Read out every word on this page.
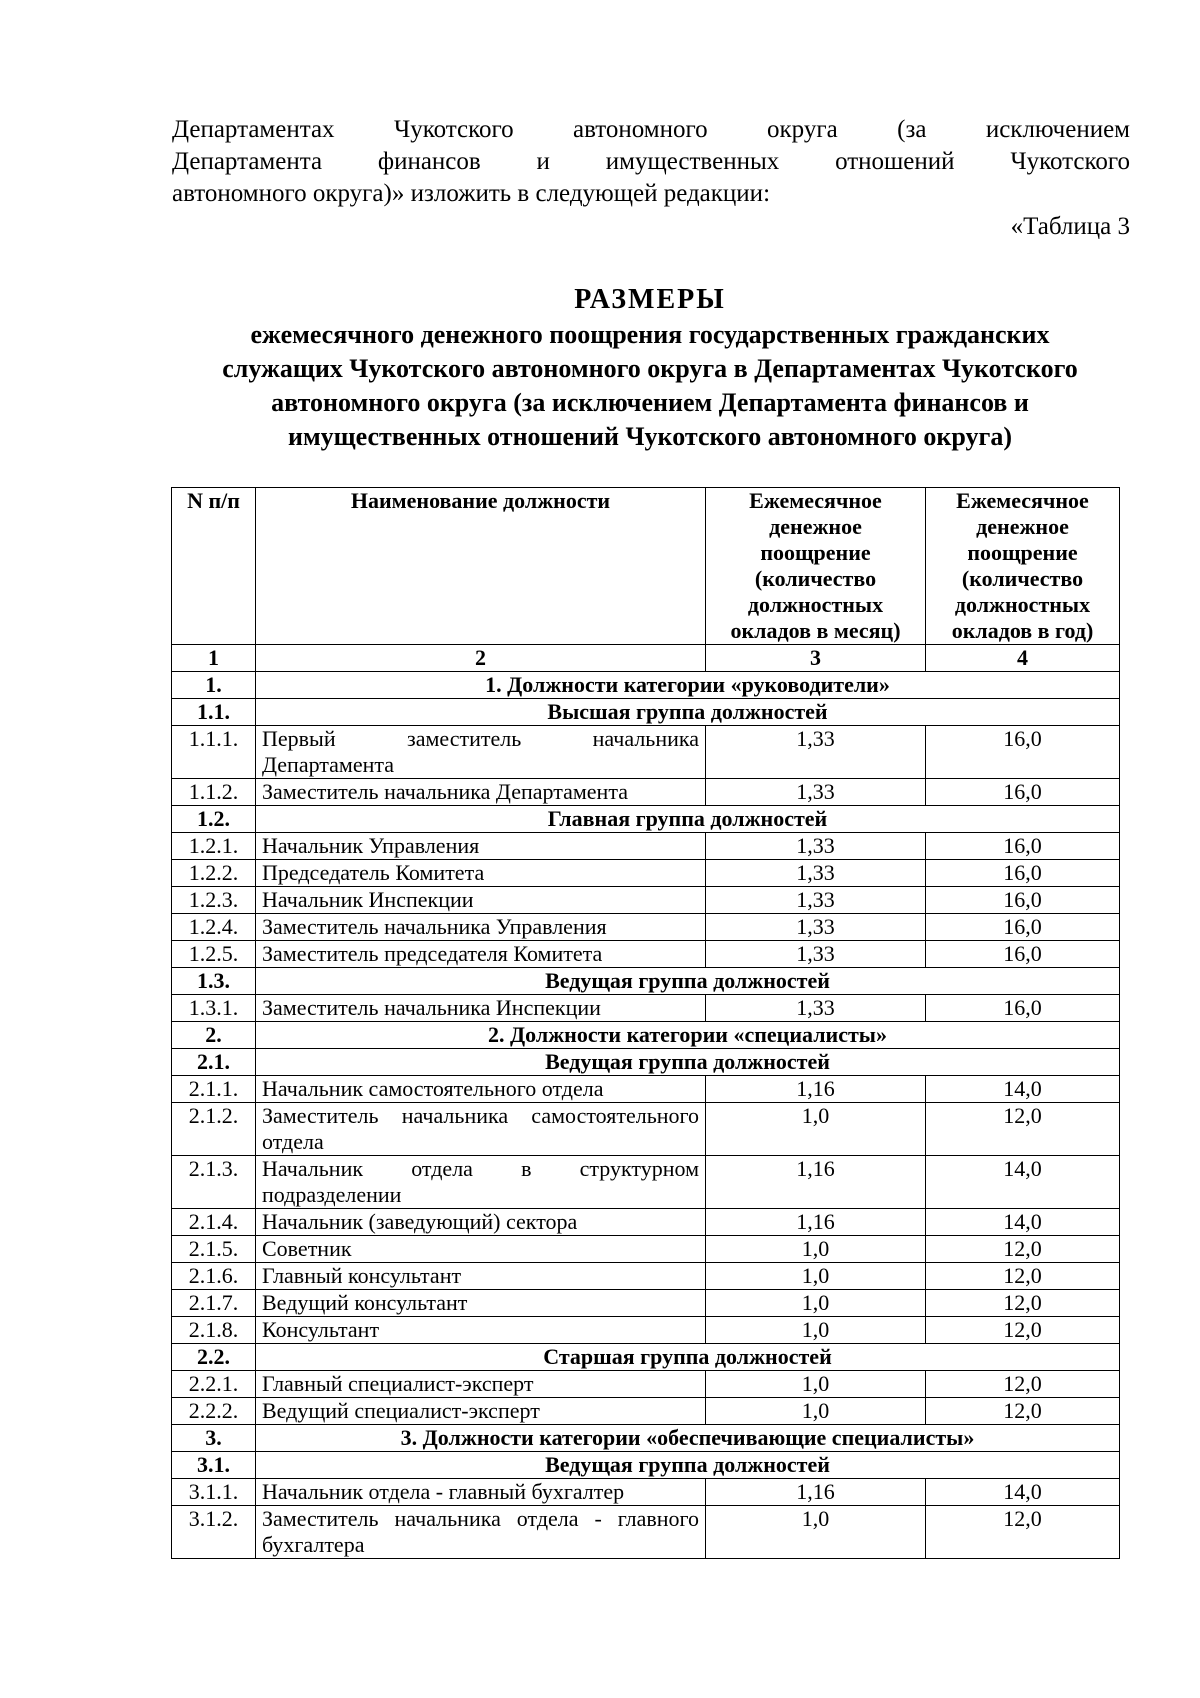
Департаментах Чукотского автономного округа (за исключением
Департамента финансов и имущественных отношений Чукотского
автономного округа)» изложить в следующей редакции:
«Таблица 3
РАЗМЕРЫ
ежемесячного денежного поощрения государственных гражданских
служащих Чукотского автономного округа в Департаментах Чукотского
автономного округа (за исключением Департамента финансов и
имущественных отношений Чукотского автономного округа)
N п/п	Наименование должности	Ежемесячное денежное поощрение (количество должностных окладов в месяц)	Ежемесячное денежное поощрение (количество должностных окладов в год)
1	2	3	4
1.	1. Должности категории «руководители»		
1.1.	Высшая группа должностей		
1.1.1.	Первый заместитель начальника Департамента	1,33	16,0
1.1.2.	Заместитель начальника Департамента	1,33	16,0
1.2.	Главная группа должностей		
1.2.1.	Начальник Управления	1,33	16,0
1.2.2.	Председатель Комитета	1,33	16,0
1.2.3.	Начальник Инспекции	1,33	16,0
1.2.4.	Заместитель начальника Управления	1,33	16,0
1.2.5.	Заместитель председателя Комитета	1,33	16,0
1.3.	Ведущая группа должностей		
1.3.1.	Заместитель начальника Инспекции	1,33	16,0
2.	2. Должности категории «специалисты»		
2.1.	Ведущая группа должностей		
2.1.1.	Начальник самостоятельного отдела	1,16	14,0
2.1.2.	Заместитель начальника самостоятельного отдела	1,0	12,0
2.1.3.	Начальник отдела в структурном подразделении	1,16	14,0
2.1.4.	Начальник (заведующий) сектора	1,16	14,0
2.1.5.	Советник	1,0	12,0
2.1.6.	Главный консультант	1,0	12,0
2.1.7.	Ведущий консультант	1,0	12,0
2.1.8.	Консультант	1,0	12,0
2.2.	Старшая группа должностей		
2.2.1.	Главный специалист-эксперт	1,0	12,0
2.2.2.	Ведущий специалист-эксперт	1,0	12,0
3.	3. Должности категории «обеспечивающие специалисты»		
3.1.	Ведущая группа должностей		
3.1.1.	Начальник отдела - главный бухгалтер	1,16	14,0
3.1.2.	Заместитель начальника отдела - главного бухгалтера	1,0	12,0
